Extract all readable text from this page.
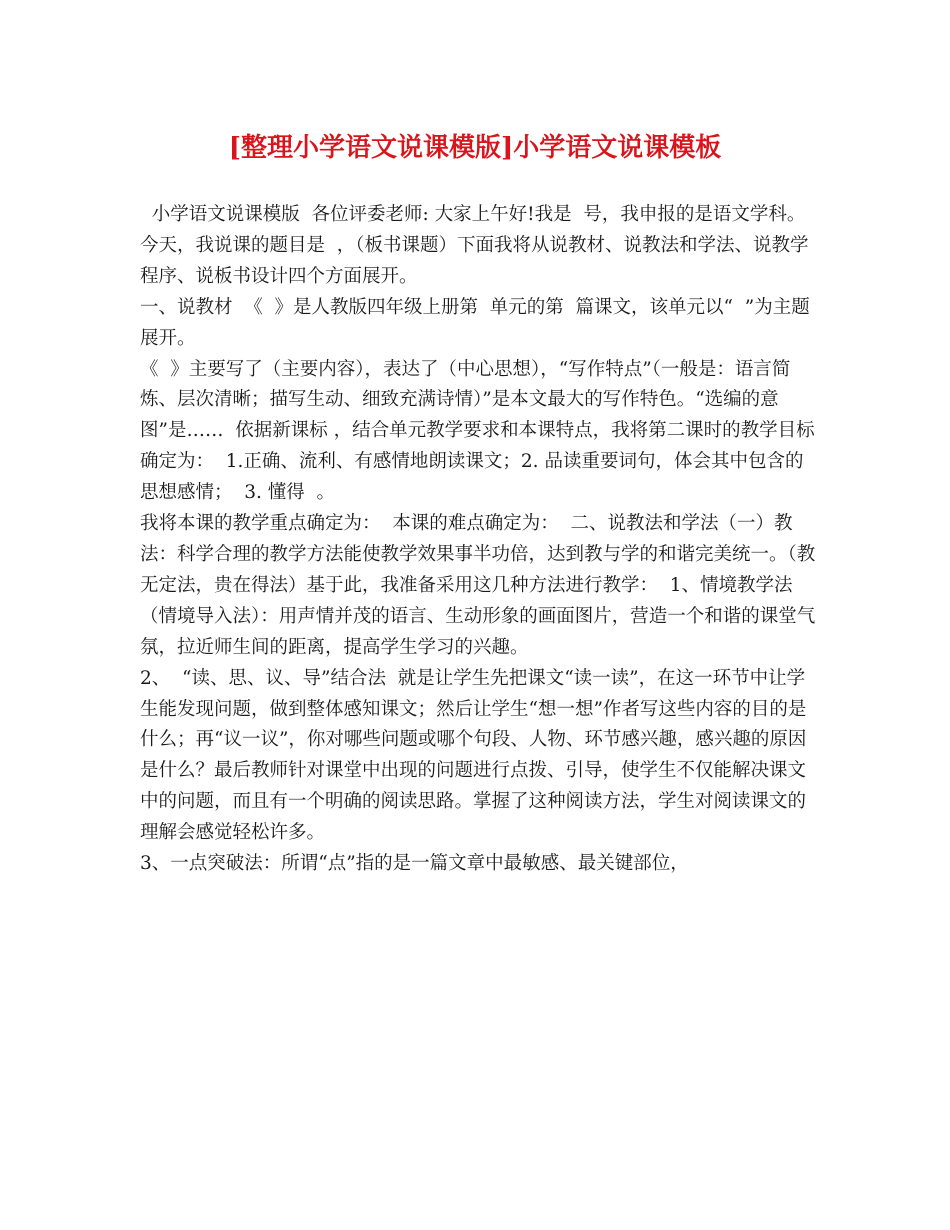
[整理小学语文说课模版]小学语文说课模板

小学语文说课模版  各位评委老师: 大家上午好!我是  号，我申报的是语文学科。今天，我说课的题目是  ，（板书课题）下面我将从说教材、说教法和学法、说教学程序、说板书设计四个方面展开。

一、说教材  《  》是人教版四年级上册第  单元的第  篇课文，该单元以“  ”为主题展开。

《  》主要写了（主要内容），表达了（中心思想），“写作特点”（一般是：语言简炼、层次清晰；描写生动、细致充满诗情）”是本文最大的写作特色。“选编的意图”是……  依据新课标 ，结合单元教学要求和本课特点，我将第二课时的教学目标确定为：  1.正确、流利、有感情地朗读课文；2. 品读重要词句，体会其中包含的思想感情；  3. 懂得  。

我将本课的教学重点确定为：  本课的难点确定为：  二、说教法和学法（一）教法：科学合理的教学方法能使教学效果事半功倍，达到教与学的和谐完美统一。（教无定法，贵在得法）基于此，我准备采用这几种方法进行教学：  1、情境教学法（情境导入法）：用声情并茂的语言、生动形象的画面图片，营造一个和谐的课堂气氛，拉近师生间的距离，提高学生学习的兴趣。

2、  “读、思、议、导”结合法  就是让学生先把课文“读一读”，在这一环节中让学生能发现问题，做到整体感知课文；然后让学生“想一想”作者写这些内容的目的是什么；再“议一议”，你对哪些问题或哪个句段、人物、环节感兴趣，感兴趣的原因是什么？最后教师针对课堂中出现的问题进行点拨、引导，使学生不仅能解决课文中的问题，而且有一个明确的阅读思路。掌握了这种阅读方法，学生对阅读课文的理解会感觉轻松许多。

3、一点突破法：所谓“点”指的是一篇文章中最敏感、最关键部位，
